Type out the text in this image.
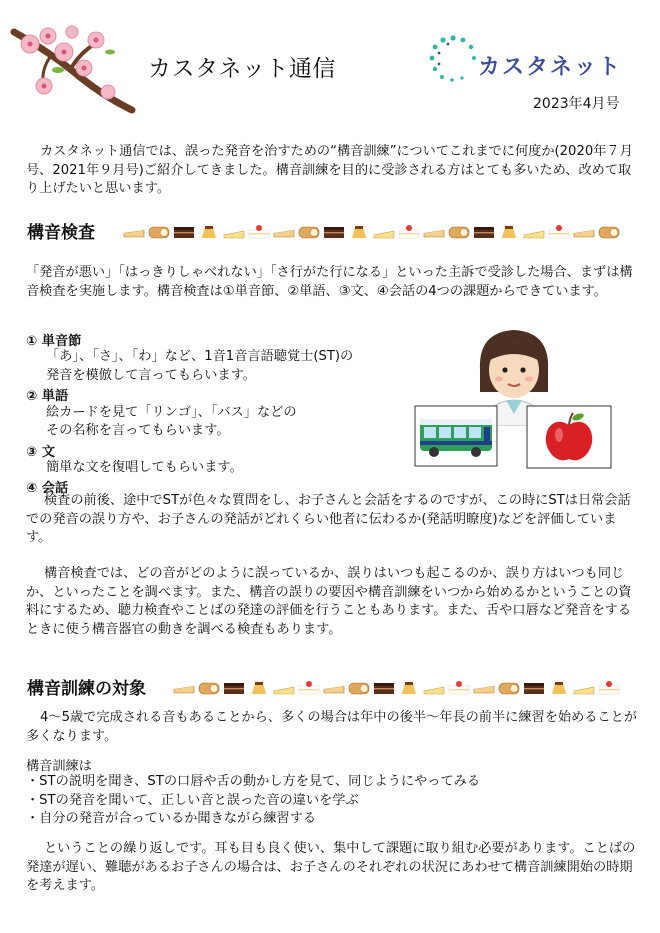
カスタネット通信	カスタネット
2023年4月号

カスタネット通信では、誤った発音を治すための“構音訓練”についてこれまでに何度か(2020年７月号、2021年９月号)ご紹介してきました。構音訓練を目的に受診される方はとても多いため、改めて取り上げたいと思います。

構音検査

「発音が悪い」「はっきりしゃべれない」「さ行がた行になる」といった主訴で受診した場合、まずは構音検査を実施します。構音検査は①単音節、②単語、③文、④会話の4つの課題からできています。

① 単音節
「あ」、「さ」、「わ」など、1音1音言語聴覚士(ST)の
発音を模倣して言ってもらいます。
② 単語
絵カードを見て「リンゴ」、「バス」などの
その名称を言ってもらいます。
③ 文
簡単な文を復唱してもらいます。
④ 会話

検査の前後、途中でSTが色々な質問をし、お子さんと会話をするのですが、この時にSTは日常会話での発音の誤り方や、お子さんの発話がどれくらい他者に伝わるか(発話明瞭度)などを評価しています。

構音検査では、どの音がどのように誤っているか、誤りはいつも起こるのか、誤り方はいつも同じか、といったことを調べます。また、構音の誤りの要因や構音訓練をいつから始めるかということの資料にするため、聴力検査やことばの発達の評価を行うこともあります。また、舌や口唇など発音をするときに使う構音器官の動きを調べる検査もあります。

構音訓練の対象

4～5歳で完成される音もあることから、多くの場合は年中の後半～年長の前半に練習を始めることが多くなります。

構音訓練は
・STの説明を聞き、STの口唇や舌の動かし方を見て、同じようにやってみる
・STの発音を聞いて、正しい音と誤った音の違いを学ぶ
・自分の発音が合っているか聞きながら練習する

ということの繰り返しです。耳も目も良く使い、集中して課題に取り組む必要があります。ことばの発達が遅い、難聴があるお子さんの場合は、お子さんのそれぞれの状況にあわせて構音訓練開始の時期を考えます。
